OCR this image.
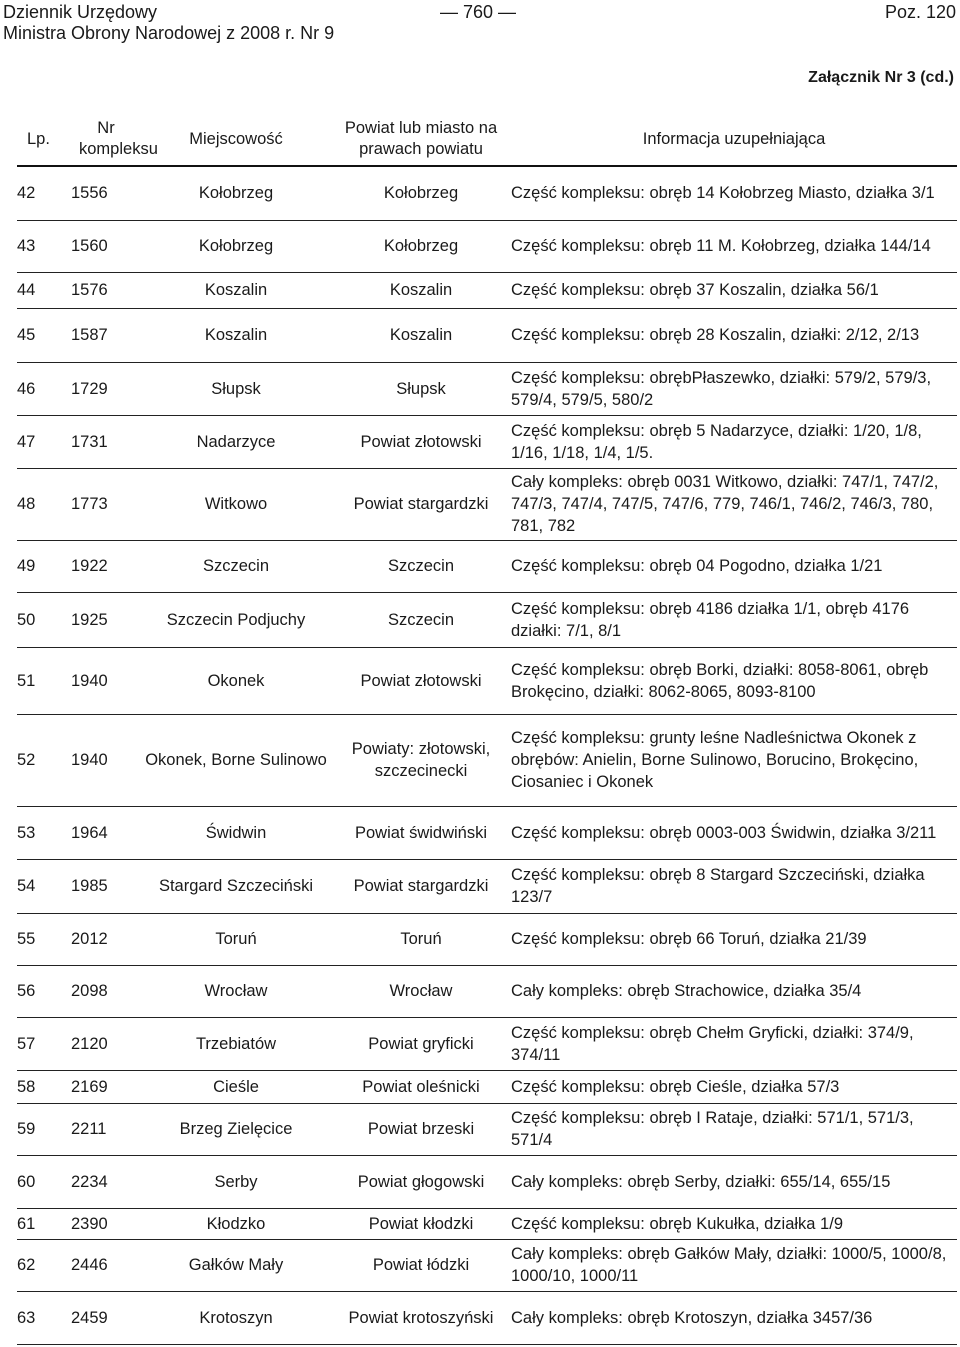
Dziennik Urzędowy
Ministra Obrony Narodowej z 2008 r. Nr 9
— 760 —	Poz. 120
Załącznik Nr 3 (cd.)
Lp.	Nr kompleksu	Miejscowość	Powiat lub miasto na prawach powiatu	Informacja uzupełniająca
42	1556	Kołobrzeg	Kołobrzeg	Część kompleksu: obręb 14 Kołobrzeg Miasto, działka 3/1
43	1560	Kołobrzeg	Kołobrzeg	Część kompleksu: obręb 11 M. Kołobrzeg, działka 144/14
44	1576	Koszalin	Koszalin	Część kompleksu: obręb 37 Koszalin, działka 56/1
45	1587	Koszalin	Koszalin	Część kompleksu: obręb 28 Koszalin, działki: 2/12, 2/13
46	1729	Słupsk	Słupsk	Część kompleksu: obrębPłaszewko, działki: 579/2, 579/3, 579/4, 579/5, 580/2
47	1731	Nadarzyce	Powiat złotowski	Część kompleksu: obręb 5 Nadarzyce, działki: 1/20, 1/8, 1/16, 1/18, 1/4, 1/5.
48	1773	Witkowo	Powiat stargardzki	Cały kompleks: obręb 0031 Witkowo, działki: 747/1, 747/2, 747/3, 747/4, 747/5, 747/6, 779, 746/1, 746/2, 746/3, 780, 781, 782
49	1922	Szczecin	Szczecin	Część kompleksu: obręb 04 Pogodno, działka 1/21
50	1925	Szczecin Podjuchy	Szczecin	Część kompleksu: obręb 4186 działka 1/1, obręb 4176 działki: 7/1, 8/1
51	1940	Okonek	Powiat złotowski	Część kompleksu: obręb Borki, działki: 8058-8061, obręb Brokęcino, działki: 8062-8065, 8093-8100
52	1940	Okonek, Borne Sulinowo	Powiaty: złotowski, szczecinecki	Część kompleksu: grunty leśne Nadleśnictwa Okonek z obrębów: Anielin, Borne Sulinowo, Borucino, Brokęcino, Ciosaniec i Okonek
53	1964	Świdwin	Powiat świdwiński	Część kompleksu: obręb 0003-003 Świdwin, działka 3/211
54	1985	Stargard Szczeciński	Powiat stargardzki	Część kompleksu: obręb 8 Stargard Szczeciński, działka 123/7
55	2012	Toruń	Toruń	Część kompleksu: obręb 66 Toruń, działka 21/39
56	2098	Wrocław	Wrocław	Cały kompleks: obręb Strachowice, działka 35/4
57	2120	Trzebiatów	Powiat gryficki	Część kompleksu: obręb Chełm Gryficki, działki: 374/9, 374/11
58	2169	Cieśle	Powiat oleśnicki	Część kompleksu: obręb Cieśle, działka 57/3
59	2211	Brzeg Zielęcice	Powiat brzeski	Część kompleksu: obręb I Rataje, działki: 571/1, 571/3, 571/4
60	2234	Serby	Powiat głogowski	Cały kompleks: obręb Serby, działki: 655/14, 655/15
61	2390	Kłodzko	Powiat kłodzki	Część kompleksu: obręb Kukułka, działka 1/9
62	2446	Gałków Mały	Powiat łódzki	Cały kompleks: obręb Gałków Mały, działki: 1000/5, 1000/8, 1000/10, 1000/11
63	2459	Krotoszyn	Powiat krotoszyński	Cały kompleks: obręb Krotoszyn, działka 3457/36
